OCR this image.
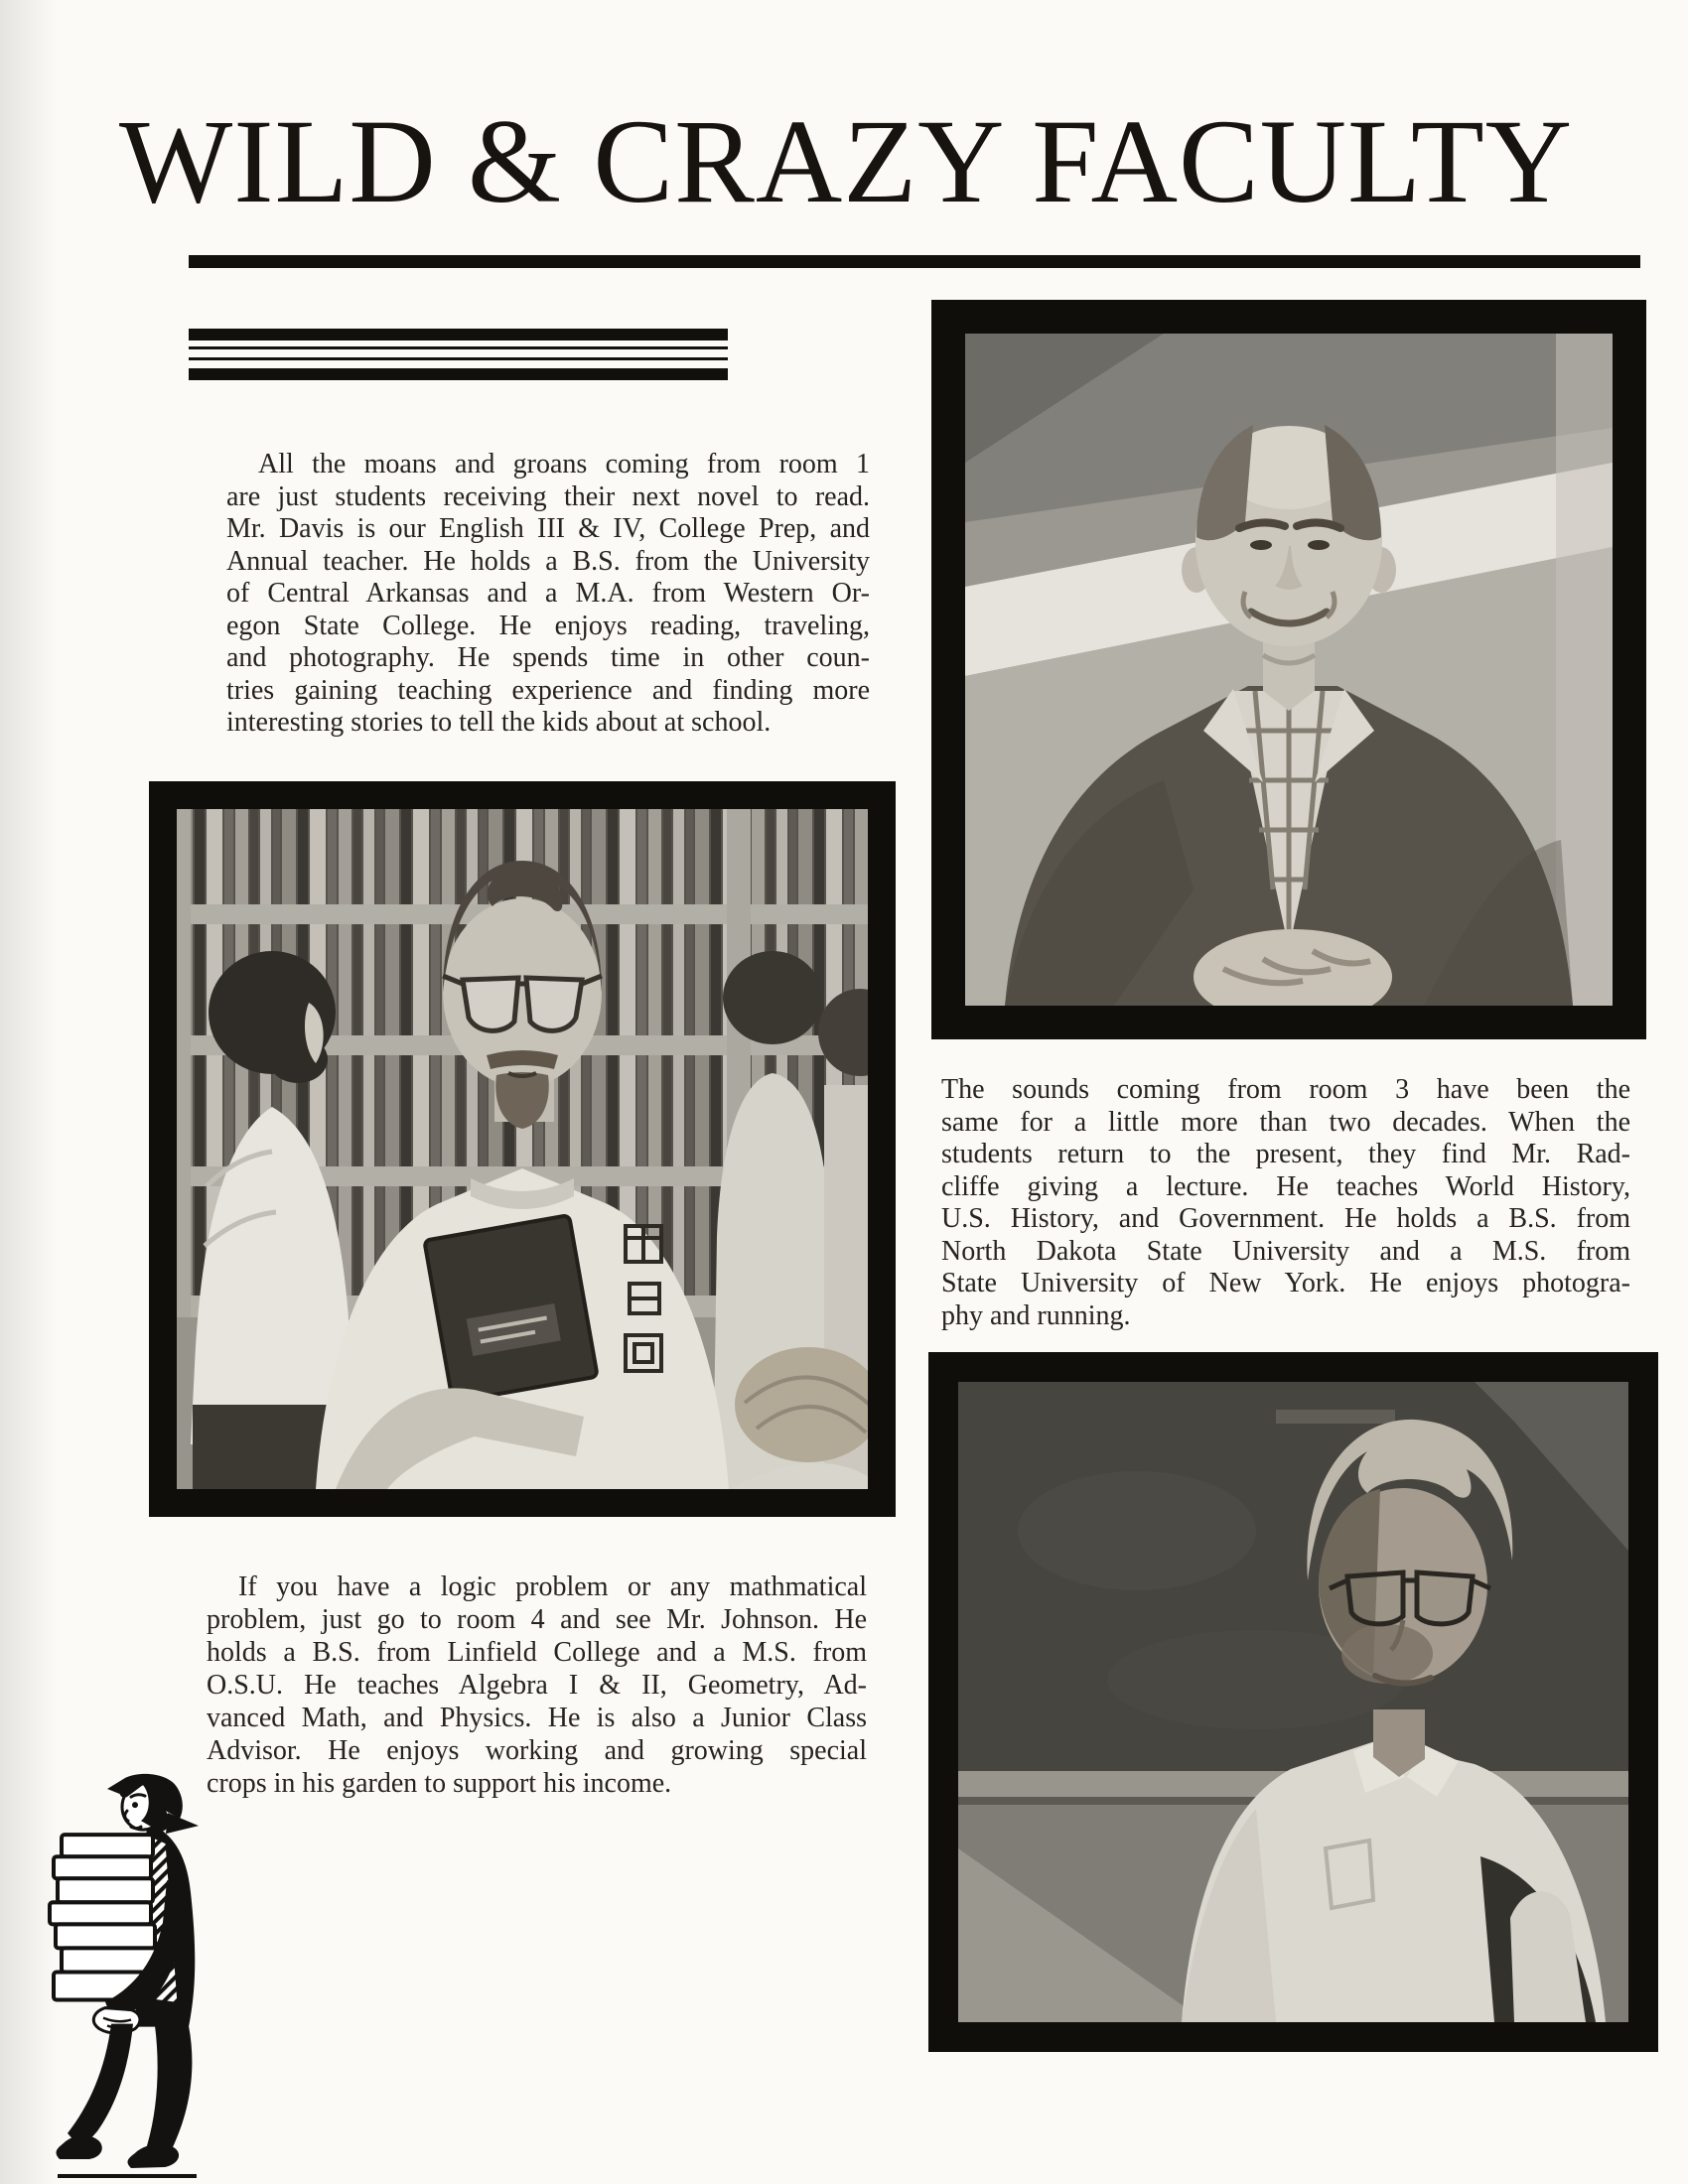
WILD & CRAZY FACULTY
All the moans and groans coming from room 1
are just students receiving their next novel to read.
Mr. Davis is our English III & IV, College Prep, and
Annual teacher. He holds a B.S. from the University
of Central Arkansas and a M.A. from Western Or-
egon State College. He enjoys reading, traveling,
and photography. He spends time in other coun-
tries gaining teaching experience and finding more
interesting stories to tell the kids about at school.
The sounds coming from room 3 have been the
same for a little more than two decades. When the
students return to the present, they find Mr. Rad-
cliffe giving a lecture. He teaches World History,
U.S. History, and Government. He holds a B.S. from
North Dakota State University and a M.S. from
State University of New York. He enjoys photogra-
phy and running.
If you have a logic problem or any mathmatical
problem, just go to room 4 and see Mr. Johnson. He
holds a B.S. from Linfield College and a M.S. from
O.S.U. He teaches Algebra I & II, Geometry, Ad-
vanced Math, and Physics. He is also a Junior Class
Advisor. He enjoys working and growing special
crops in his garden to support his income.
